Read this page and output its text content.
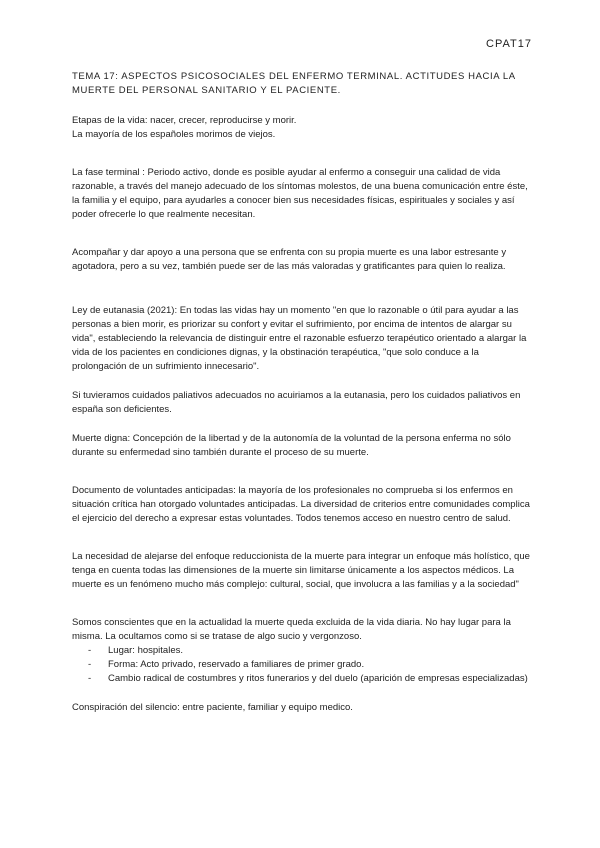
CPAT17
TEMA 17: ASPECTOS PSICOSOCIALES DEL ENFERMO TERMINAL. ACTITUDES HACIA LA MUERTE DEL PERSONAL SANITARIO Y EL PACIENTE.

Etapas de la vida: nacer, crecer, reproducirse y morir.

La mayoría de los españoles morimos de viejos.

La fase terminal : Periodo activo, donde es posible ayudar al enfermo a conseguir una calidad de vida razonable, a través del manejo adecuado de los síntomas molestos, de una buena comunicación entre éste, la familia y el equipo, para ayudarles a conocer bien sus necesidades físicas, espirituales y sociales y así poder ofrecerle lo que realmente necesitan.

Acompañar y dar apoyo a una persona que se enfrenta con su propia muerte es una labor estresante y agotadora, pero a su vez, también puede ser de las más valoradas y gratificantes para quien lo realiza.

Ley de eutanasia (2021): En todas las vidas hay un momento "en que lo razonable o útil para ayudar a las personas a bien morir, es priorizar su confort y evitar el sufrimiento, por encima de intentos de alargar su vida", estableciendo la relevancia de distinguir entre el razonable esfuerzo terapéutico orientado a alargar la vida de los pacientes en condiciones dignas, y la obstinación terapéutica, "que solo conduce a la prolongación de un sufrimiento innecesario".

Si tuvieramos cuidados paliativos adecuados no acuiriamos a la eutanasia, pero los cuidados paliativos en españa son deficientes.

Muerte digna: Concepción de la libertad y de la autonomía de la voluntad de la persona enferma no sólo durante su enfermedad sino también durante el proceso de su muerte.

Documento de voluntades anticipadas: la mayoría de los profesionales no comprueba si los enfermos en situación crítica han otorgado voluntades anticipadas. La diversidad de criterios entre comunidades complica el ejercicio del derecho a expresar estas voluntades. Todos tenemos acceso en nuestro centro de salud.

La necesidad de alejarse del enfoque reduccionista de la muerte para integrar un enfoque más holístico, que tenga en cuenta todas las dimensiones de la muerte sin limitarse únicamente a los aspectos médicos. La muerte es un fenómeno mucho más complejo: cultural, social, que involucra a las familias y a la sociedad"

Somos conscientes que en la actualidad la muerte queda excluida de la vida diaria. No hay lugar para la misma. La ocultamos como si se tratase de algo sucio y vergonzoso.

- Lugar: hospitales.
- Forma: Acto privado, reservado a familiares de primer grado.
- Cambio radical de costumbres y ritos funerarios y del duelo (aparición de empresas especializadas)

Conspiración del silencio: entre paciente, familiar y equipo medico.
